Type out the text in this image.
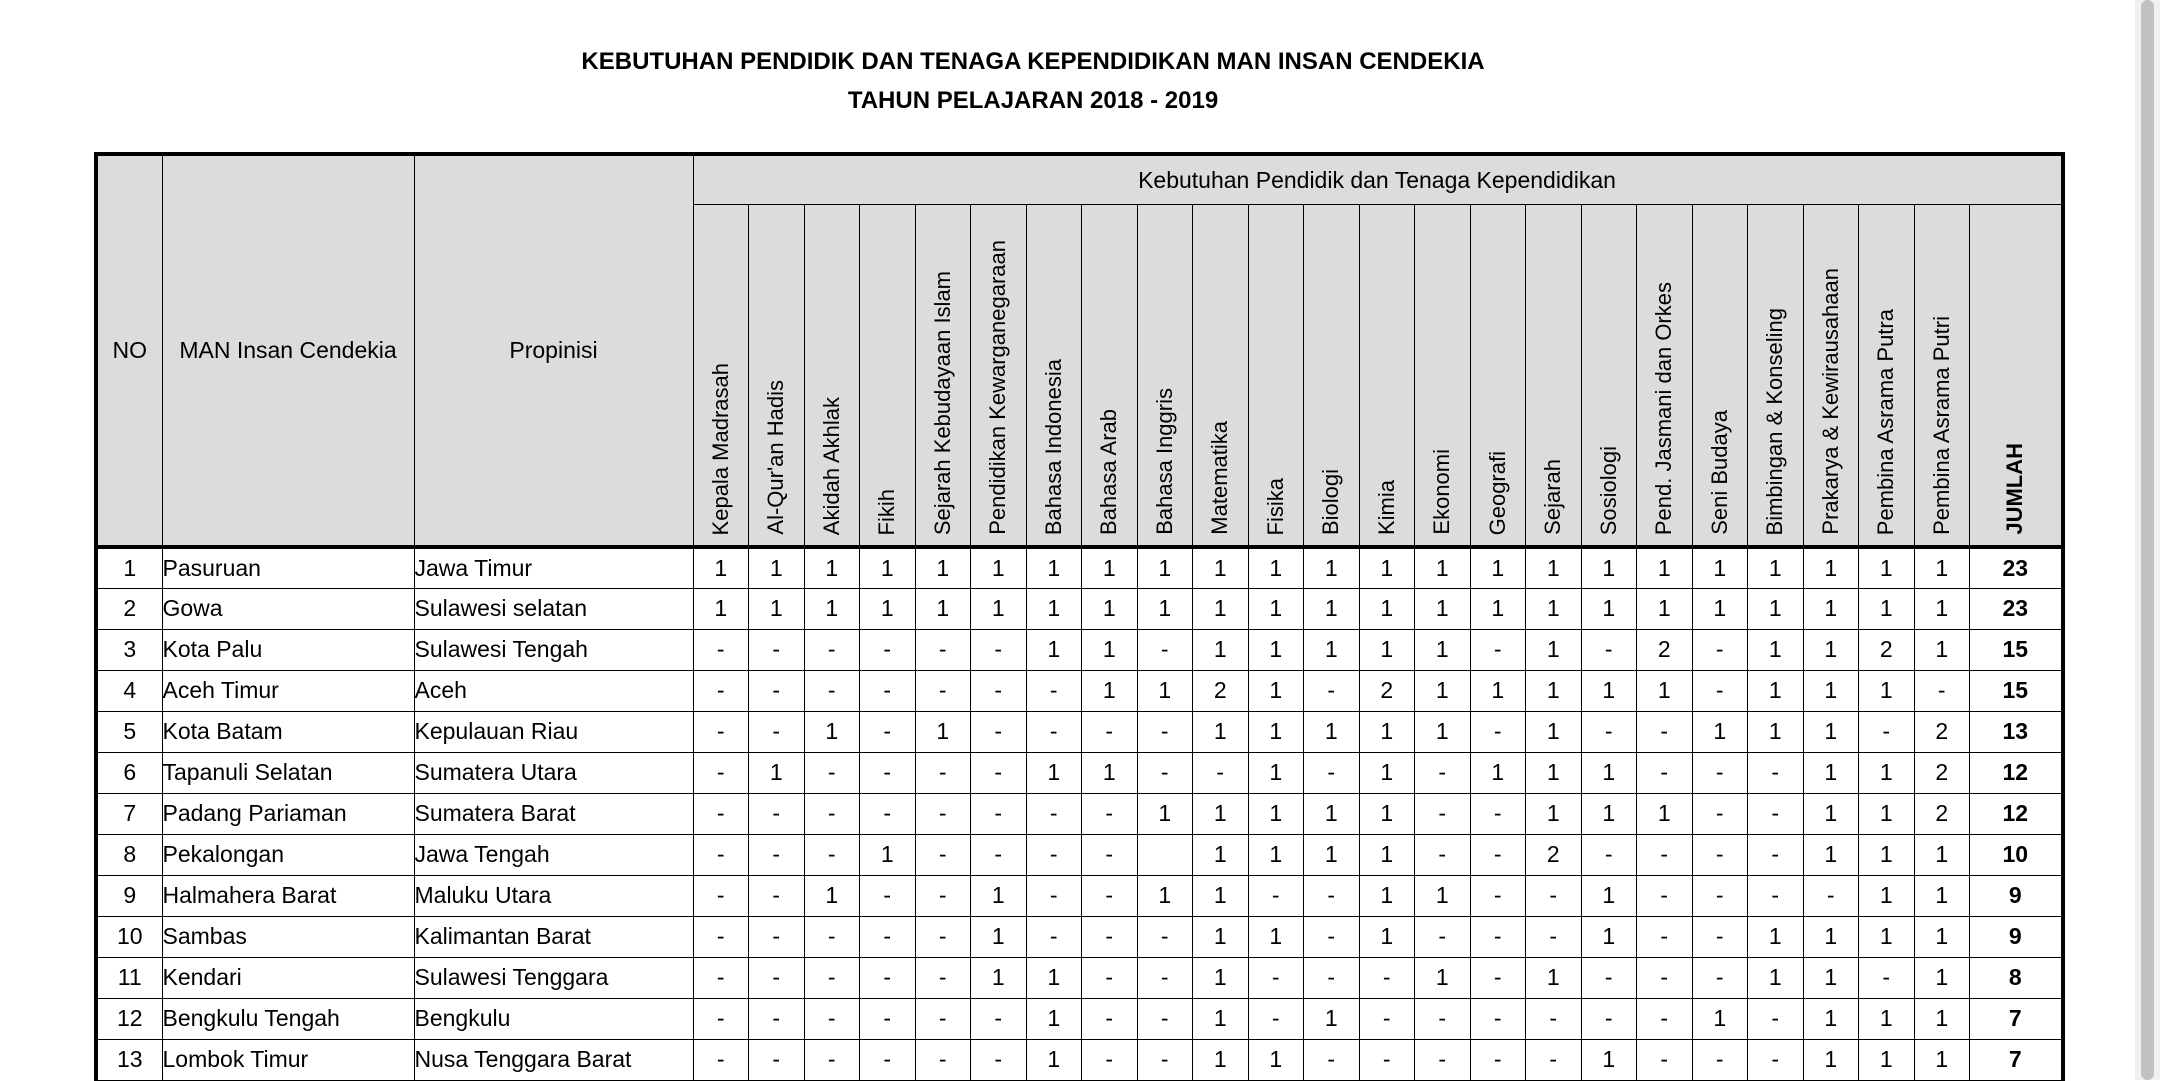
KEBUTUHAN PENDIDIK DAN TENAGA KEPENDIDIKAN MAN INSAN CENDEKIA
TAHUN PELAJARAN 2018 - 2019
NO	MAN Insan Cendekia	Propinisi	Kebutuhan Pendidik dan Tenaga Kependidikan																							
			Kepala Madrasah	Al-Qur'an Hadis	Akidah Akhlak	Fikih	Sejarah Kebudayaan Islam	Pendidikan Kewarganegaraan	Bahasa Indonesia	Bahasa Arab	Bahasa Inggris	Matematika	Fisika	Biologi	Kimia	Ekonomi	Geografi	Sejarah	Sosiologi	Pend. Jasmani dan Orkes	Seni Budaya	Bimbingan & Konseling	Prakarya & Kewirausahaan	Pembina Asrama Putra	Pembina Asrama Putri	JUMLAH
1	Pasuruan	Jawa Timur	1	1	1	1	1	1	1	1	1	1	1	1	1	1	1	1	1	1	1	1	1	1	1	23
2	Gowa	Sulawesi selatan	1	1	1	1	1	1	1	1	1	1	1	1	1	1	1	1	1	1	1	1	1	1	1	23
3	Kota Palu	Sulawesi Tengah	-	-	-	-	-	-	1	1	-	1	1	1	1	1	-	1	-	2	-	1	1	2	1	15
4	Aceh Timur	Aceh	-	-	-	-	-	-	-	1	1	2	1	-	2	1	1	1	1	1	-	1	1	1	-	15
5	Kota Batam	Kepulauan Riau	-	-	1	-	1	-	-	-	-	1	1	1	1	1	-	1	-	-	1	1	1	-	2	13
6	Tapanuli Selatan	Sumatera Utara	-	1	-	-	-	-	1	1	-	-	1	-	1	-	1	1	1	-	-	-	1	1	2	12
7	Padang Pariaman	Sumatera Barat	-	-	-	-	-	-	-	-	1	1	1	1	1	-	-	1	1	1	-	-	1	1	2	12
8	Pekalongan	Jawa Tengah	-	-	-	1	-	-	-	-		1	1	1	1	-	-	2	-	-	-	-	1	1	1	10
9	Halmahera Barat	Maluku Utara	-	-	1	-	-	1	-	-	1	1	-	-	1	1	-	-	1	-	-	-	-	1	1	9
10	Sambas	Kalimantan Barat	-	-	-	-	-	1	-	-	-	1	1	-	1	-	-	-	1	-	-	1	1	1	1	9
11	Kendari	Sulawesi Tenggara	-	-	-	-	-	1	1	-	-	1	-	-	-	1	-	1	-	-	-	1	1	-	1	8
12	Bengkulu Tengah	Bengkulu	-	-	-	-	-	-	1	-	-	1	-	1	-	-	-	-	-	-	1	-	1	1	1	7
13	Lombok Timur	Nusa Tenggara Barat	-	-	-	-	-	-	1	-	-	1	1	-	-	-	-	-	1	-	-	-	1	1	1	7
